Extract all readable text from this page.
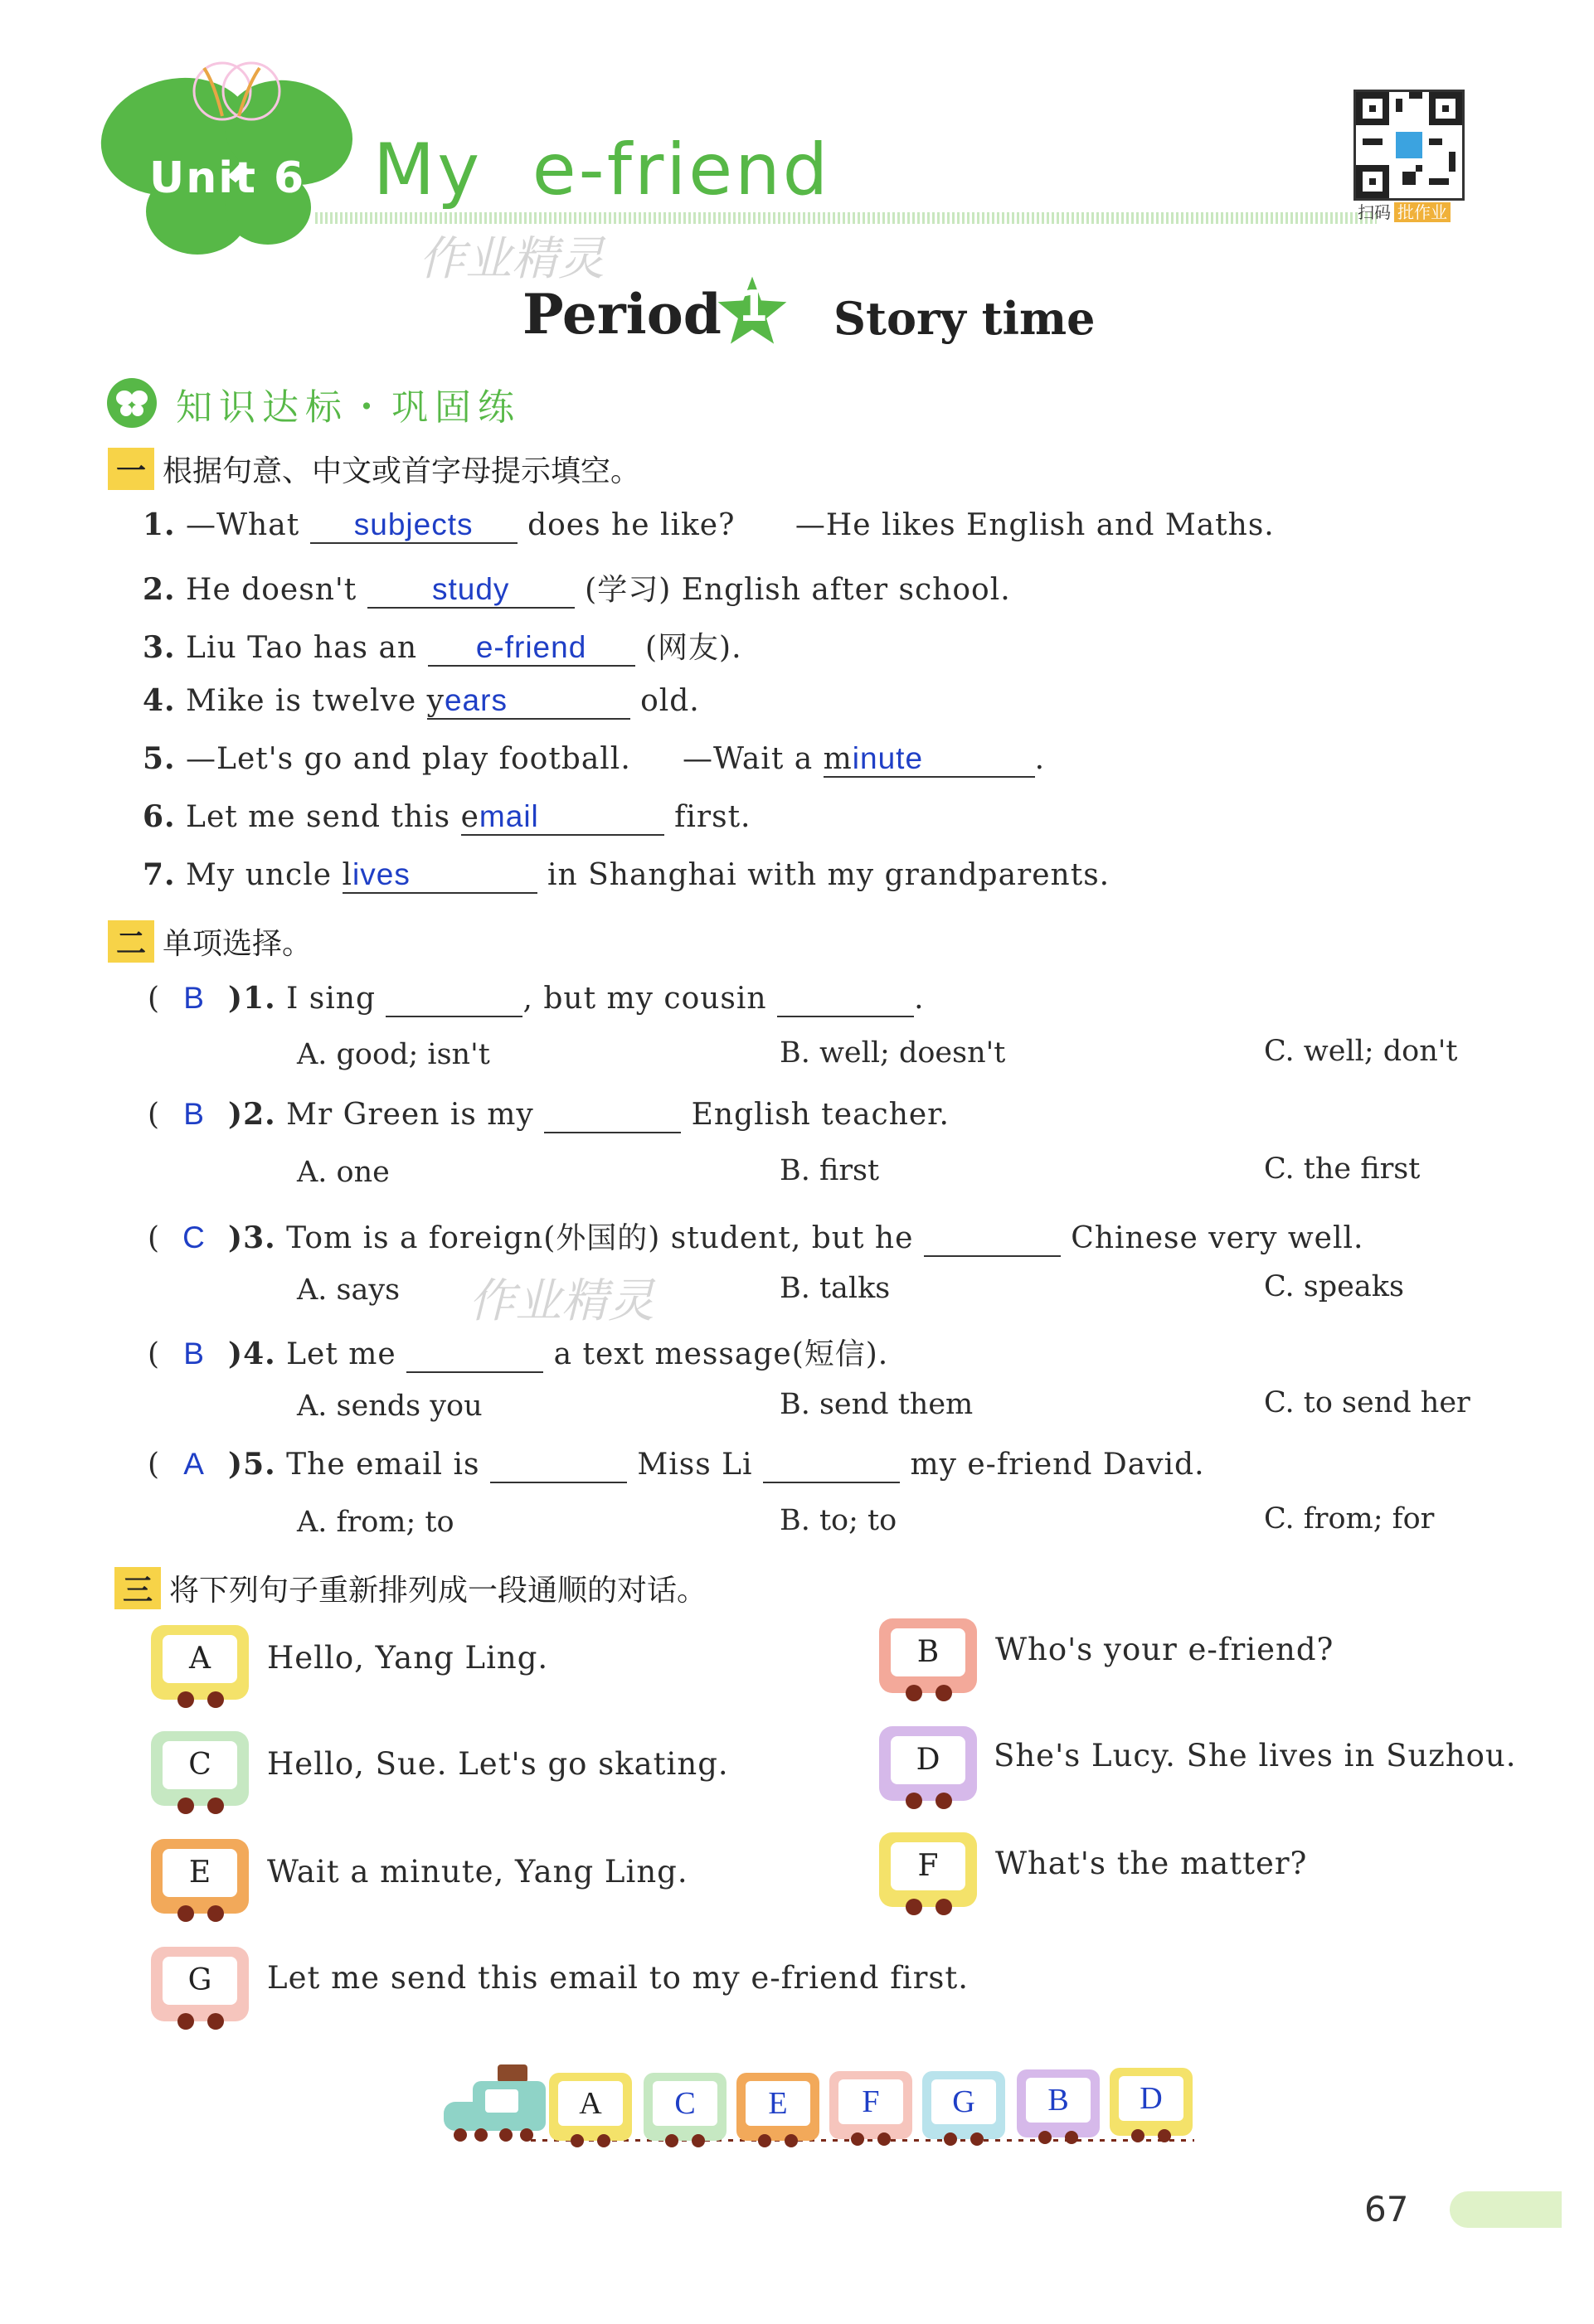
Unit 6 My  e-friend
扫码 批作业
作业精灵
作业精灵
Period 1 Story time
知识达标・巩固练
一 根据句意、中文或首字母提示填空。
1. —What subjects does he like? —He likes English and Maths.
2. He doesn't study	(学习) English after school.
3. Liu Tao has an e-friend (网友).
4. Mike is twelve years	old.
5. —Let's go and play football.     —Wait a minute	.
6. Let me send this email	first.
7. My uncle lives	in Shanghai with my grandparents.
二 单项选择。
( B )1. I sing	, but my cousin	.
A. good; isn't	B. well; doesn't	C. well; don't
( B )2. Mr Green is my	English teacher.
A. one	B. first	C. the first
( C )3. Tom is a foreign(外国的) student, but he	Chinese very well.
A. says	B. talks	C. speaks
( B )4. Let me	a text message(短信).
A. sends you	B. send them	C. to send her
( A )5. The email is	Miss Li	my e-friend David.
A. from; to	B. to; to	C. from; for
三 将下列句子重新排列成一段通顺的对话。
A	Hello, Yang Ling.	B	Who's your e-friend?
C	Hello, Sue. Let's go skating.	D	She's Lucy. She lives in Suzhou.
E	Wait a minute, Yang Ling.	F	What's the matter?
G	Let me send this email to my e-friend first.
A	C	E	F	G	B	D
67
